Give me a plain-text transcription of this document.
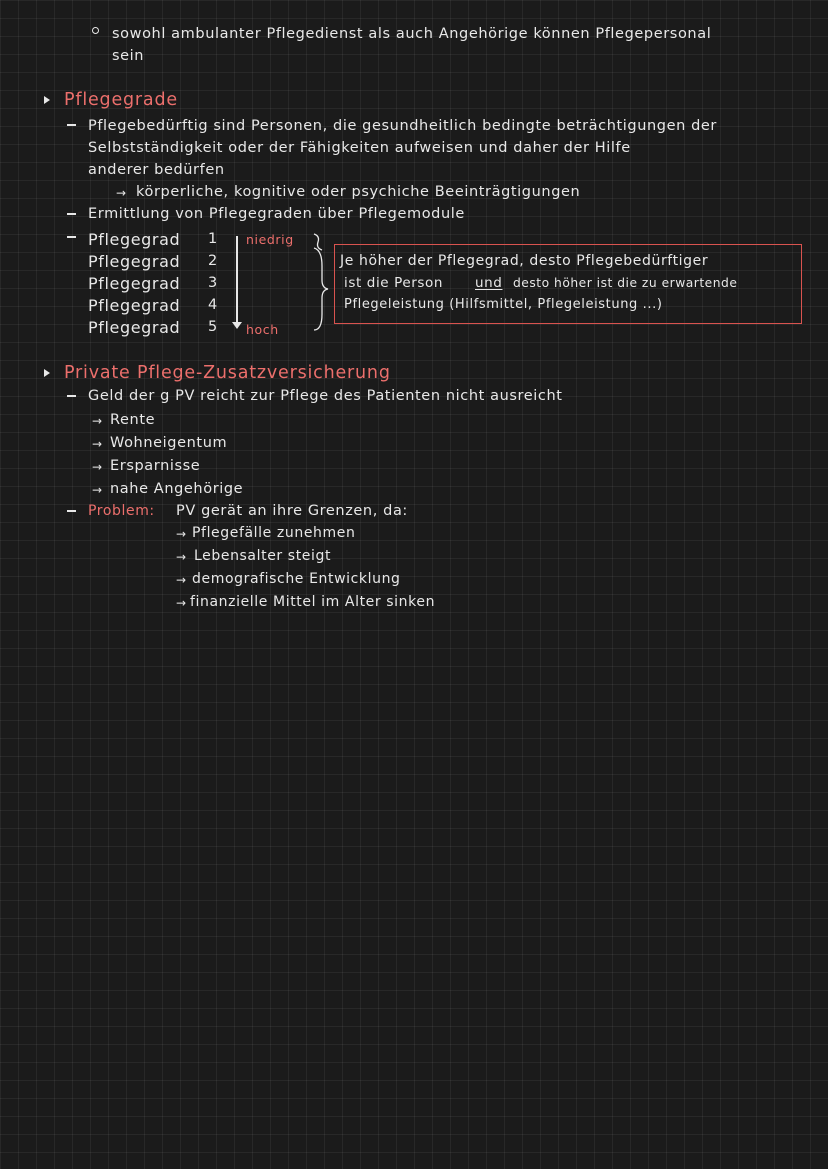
sowohl ambulanter Pflegedienst als auch Angehörige können Pflegepersonal
sein
Pflegegrade
Pflegebedürftig sind Personen, die gesundheitlich bedingte beträchtigungen der
Selbstständigkeit oder der Fähigkeiten aufweisen und daher der Hilfe
anderer bedürfen
→ körperliche, kognitive oder psychiche Beeinträgtigungen
Ermittlung von Pflegegraden über Pflegemodule
Pflegegrad 1
Pflegegrad 2
Pflegegrad 3
Pflegegrad 4
Pflegegrad 5
niedrig
hoch
Je höher der Pflegegrad, desto Pflegebedürftiger
ist die Person und desto höher ist die zu erwartende
Pflegeleistung (Hilfsmittel, Pflegeleistung ...)
Private Pflege-Zusatzversicherung
Geld der g PV reicht zur Pflege des Patienten nicht ausreicht
→ Rente
→ Wohneigentum
→ Ersparnisse
→ nahe Angehörige
Problem: PV gerät an ihre Grenzen, da:
→ Pflegefälle zunehmen
→ Lebensalter steigt
→ demografische Entwicklung
→ finanzielle Mittel im Alter sinken
